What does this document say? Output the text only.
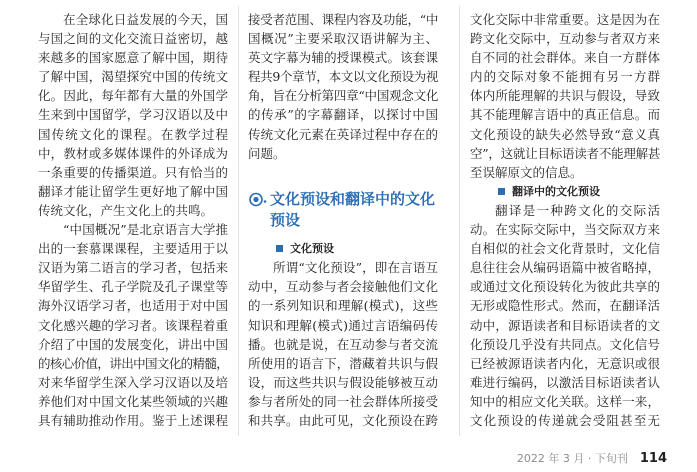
在全球化日益发展的今天，国
与国之间的文化交流日益密切，越
来越多的国家愿意了解中国，期待
了解中国，渴望探究中国的传统文
化。因此，每年都有大量的外国学
生来到中国留学，学习汉语以及中
国传统文化的课程。在教学过程
中，教材或多媒体课件的外译成为
一条重要的传播渠道。只有恰当的
翻译才能让留学生更好地了解中国
传统文化，产生文化上的共鸣。
“中国概况”是北京语言大学推
出的一套慕课课程，主要适用于以
汉语为第二语言的学习者，包括来
华留学生、孔子学院及孔子课堂等
海外汉语学习者，也适用于对中国
文化感兴趣的学习者。该课程着重
介绍了中国的发展变化，讲出中国
的核心价值，讲出中国文化的精髓，
对来华留学生深入学习汉语以及培
养他们对中国文化某些领域的兴趣
具有辅助推动作用。鉴于上述课程
接受者范围、课程内容及功能，“中
国概况”主要采取汉语讲解为主、
英文字幕为辅的授课模式。该套课
程共9个章节，本文以文化预设为视
角，旨在分析第四章“中国观念文化
的传承”的字幕翻译，以探讨中国
传统文化元素在英译过程中存在的
问题。
文化预设和翻译中的文化预设
文化预设
所谓“文化预设”，即在言语互
动中，互动参与者会接触他们文化
的一系列知识和理解(模式)，这些
知识和理解(模式)通过言语编码传
播。也就是说，在互动参与者交流
所使用的语言下，潜藏着共识与假
设，而这些共识与假设能够被互动
参与者所处的同一社会群体所接受
和共享。由此可见，文化预设在跨
文化交际中非常重要。这是因为在
跨文化交际中，互动参与者双方来
自不同的社会群体。来自一方群体
内的交际对象不能拥有另一方群
体内所能理解的共识与假设，导致
其不能理解言语中的真正信息。而
文化预设的缺失必然导致“意义真
空”，这就让目标语读者不能理解甚
至误解原文的信息。
翻译中的文化预设
翻译是一种跨文化的交际活
动。在实际交际中，当交际双方来
自相似的社会文化背景时，文化信
息往往会从编码语篇中被省略掉，
或通过文化预设转化为彼此共享的
无形或隐性形式。然而，在翻译活
动中，源语读者和目标语读者的文
化预设几乎没有共同点。文化信号
已经被源语读者内化，无意识或很
难进行编码，以激活目标语读者认
知中的相应文化关联。这样一来，
文化预设的传递就会受阻甚至无
2022 年 3 月 · 下旬刊 114
